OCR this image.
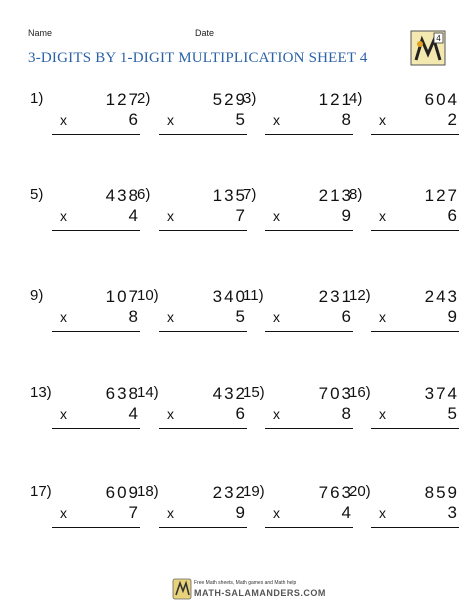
Name	Date
3-DIGITS BY 1-DIGIT MULTIPLICATION SHEET 4
4
1)	127
x	6
2)	529
x	5
3)	121
x	8
4)	604
x	2
5)	438
x	4
6)	135
x	7
7)	213
x	9
8)	127
x	6
9)	107
x	8
10)	340
x	5
11)	231
x	6
12)	243
x	9
13)	638
x	4
14)	432
x	6
15)	703
x	8
16)	374
x	5
17)	609
x	7
18)	232
x	9
19)	763
x	4
20)	859
x	3
Free Math sheets, Math games and Math help
MATH-SALAMANDERS.COM
